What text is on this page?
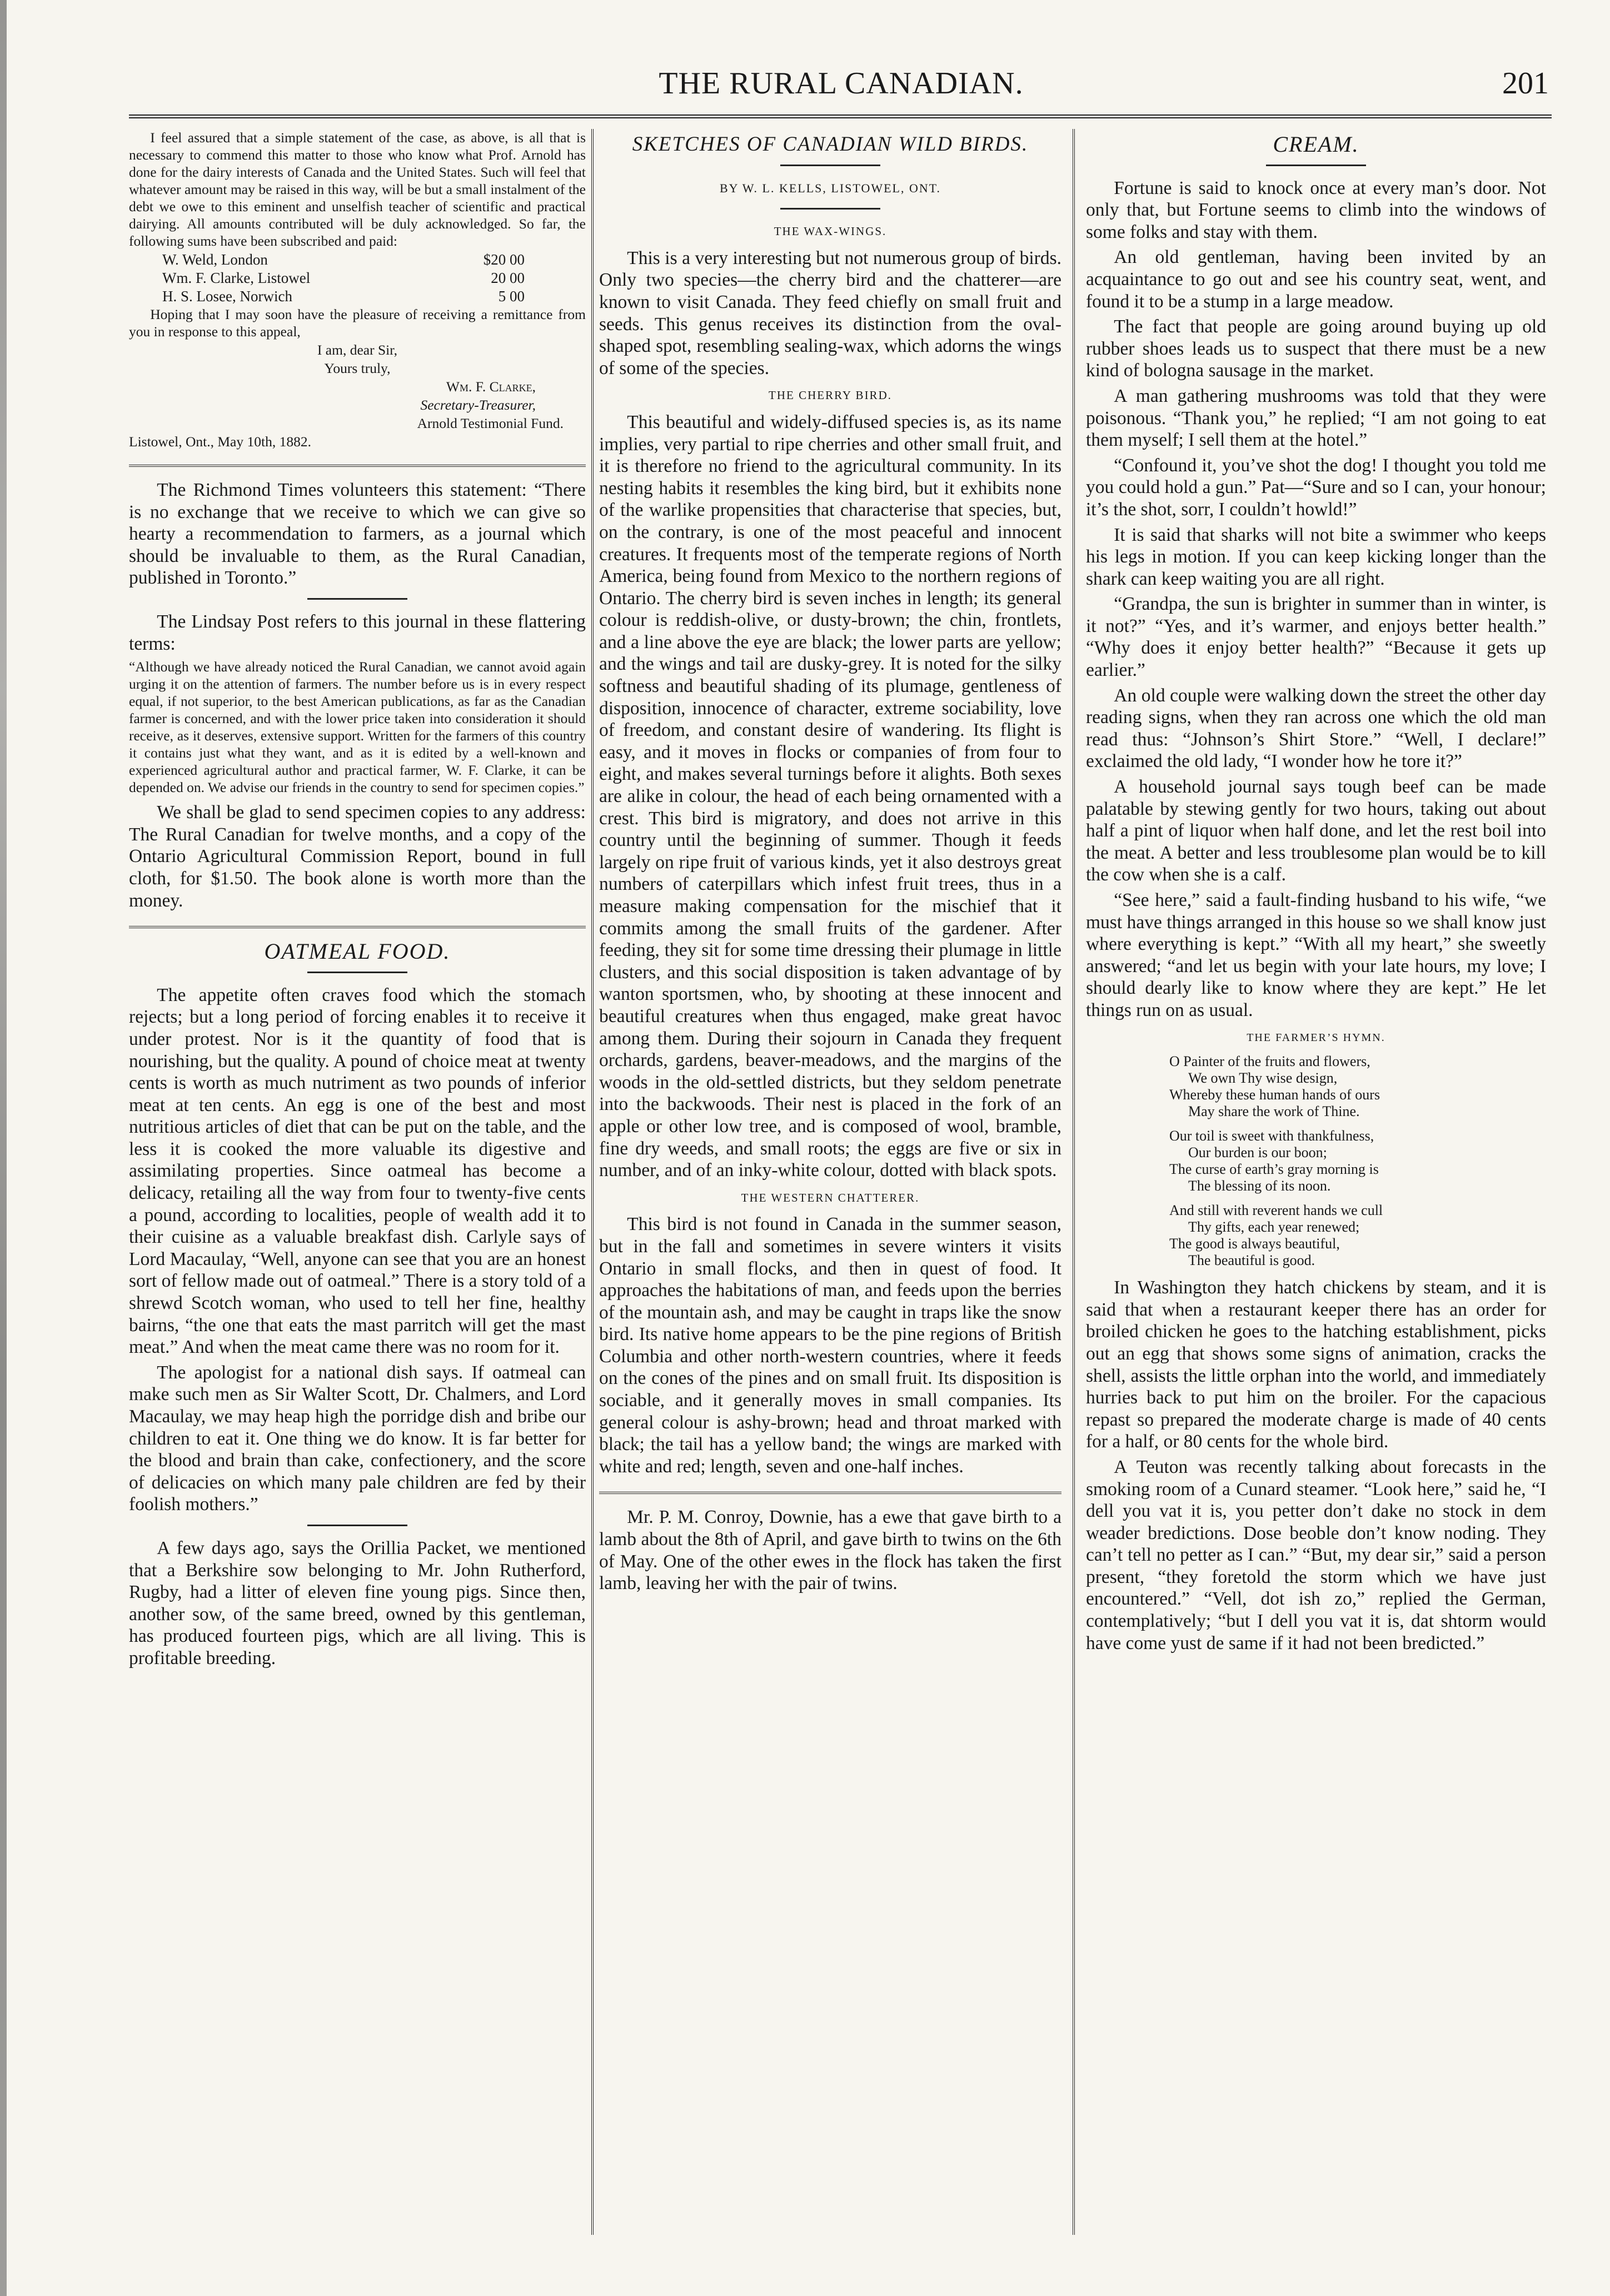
THE RURAL CANADIAN.	201

I feel assured that a simple statement of the case, as above, is all that is necessary to commend this matter to those who know what Prof. Arnold has done for the dairy interests of Canada and the United States. Such will feel that whatever amount may be raised in this way, will be but a small instalment of the debt we owe to this eminent and unselfish teacher of scientific and practical dairying. All amounts contributed will be duly acknowledged. So far, the following sums have been subscribed and paid:

W. Weld, London	$20 00
Wm. F. Clarke, Listowel	20 00
H. S. Losee, Norwich	5 00

Hoping that I may soon have the pleasure of receiving a remittance from you in response to this appeal,

I am, dear Sir,

Yours truly,

Wm. F. Clarke,

Secretary-Treasurer,

Arnold Testimonial Fund.

Listowel, Ont., May 10th, 1882.

The Richmond Times volunteers this statement: “There is no exchange that we receive to which we can give so hearty a recommendation to farmers, as a journal which should be invaluable to them, as the Rural Canadian, published in Toronto.”

The Lindsay Post refers to this journal in these flattering terms:

“Although we have already noticed the Rural Canadian, we cannot avoid again urging it on the attention of farmers. The number before us is in every respect equal, if not superior, to the best American publications, as far as the Canadian farmer is concerned, and with the lower price taken into consideration it should receive, as it deserves, extensive support. Written for the farmers of this country it contains just what they want, and as it is edited by a well-known and experienced agricultural author and practical farmer, W. F. Clarke, it can be depended on. We advise our friends in the country to send for specimen copies.”

We shall be glad to send specimen copies to any address: The Rural Canadian for twelve months, and a copy of the Ontario Agricultural Commission Report, bound in full cloth, for $1.50. The book alone is worth more than the money.

OATMEAL FOOD.

The appetite often craves food which the stomach rejects; but a long period of forcing enables it to receive it under protest. Nor is it the quantity of food that is nourishing, but the quality. A pound of choice meat at twenty cents is worth as much nutriment as two pounds of inferior meat at ten cents. An egg is one of the best and most nutritious articles of diet that can be put on the table, and the less it is cooked the more valuable its digestive and assimilating properties. Since oatmeal has become a delicacy, retailing all the way from four to twenty-five cents a pound, according to localities, people of wealth add it to their cuisine as a valuable breakfast dish. Carlyle says of Lord Macaulay, “Well, anyone can see that you are an honest sort of fellow made out of oatmeal.” There is a story told of a shrewd Scotch woman, who used to tell her fine, healthy bairns, “the one that eats the mast parritch will get the mast meat.” And when the meat came there was no room for it.

The apologist for a national dish says. If oatmeal can make such men as Sir Walter Scott, Dr. Chalmers, and Lord Macaulay, we may heap high the porridge dish and bribe our children to eat it. One thing we do know. It is far better for the blood and brain than cake, confectionery, and the score of delicacies on which many pale children are fed by their foolish mothers.”

A few days ago, says the Orillia Packet, we mentioned that a Berkshire sow belonging to Mr. John Rutherford, Rugby, had a litter of eleven fine young pigs. Since then, another sow, of the same breed, owned by this gentleman, has produced fourteen pigs, which are all living. This is profitable breeding.

SKETCHES OF CANADIAN WILD BIRDS.
BY W. L. KELLS, LISTOWEL, ONT.
THE WAX-WINGS.

This is a very interesting but not numerous group of birds. Only two species—the cherry bird and the chatterer—are known to visit Canada. They feed chiefly on small fruit and seeds. This genus receives its distinction from the oval-shaped spot, resembling sealing-wax, which adorns the wings of some of the species.

THE CHERRY BIRD.

This beautiful and widely-diffused species is, as its name implies, very partial to ripe cherries and other small fruit, and it is therefore no friend to the agricultural community. In its nesting habits it resembles the king bird, but it exhibits none of the warlike propensities that characterise that species, but, on the contrary, is one of the most peaceful and innocent creatures. It frequents most of the temperate regions of North America, being found from Mexico to the northern regions of Ontario. The cherry bird is seven inches in length; its general colour is reddish-olive, or dusty-brown; the chin, frontlets, and a line above the eye are black; the lower parts are yellow; and the wings and tail are dusky-grey. It is noted for the silky softness and beautiful shading of its plumage, gentleness of disposition, innocence of character, extreme sociability, love of freedom, and constant desire of wandering. Its flight is easy, and it moves in flocks or companies of from four to eight, and makes several turnings before it alights. Both sexes are alike in colour, the head of each being ornamented with a crest. This bird is migratory, and does not arrive in this country until the beginning of summer. Though it feeds largely on ripe fruit of various kinds, yet it also destroys great numbers of caterpillars which infest fruit trees, thus in a measure making compensation for the mischief that it commits among the small fruits of the gardener. After feeding, they sit for some time dressing their plumage in little clusters, and this social disposition is taken advantage of by wanton sportsmen, who, by shooting at these innocent and beautiful creatures when thus engaged, make great havoc among them. During their sojourn in Canada they frequent orchards, gardens, beaver-meadows, and the margins of the woods in the old-settled districts, but they seldom penetrate into the backwoods. Their nest is placed in the fork of an apple or other low tree, and is composed of wool, bramble, fine dry weeds, and small roots; the eggs are five or six in number, and of an inky-white colour, dotted with black spots.

THE WESTERN CHATTERER.

This bird is not found in Canada in the summer season, but in the fall and sometimes in severe winters it visits Ontario in small flocks, and then in quest of food. It approaches the habitations of man, and feeds upon the berries of the mountain ash, and may be caught in traps like the snow bird. Its native home appears to be the pine regions of British Columbia and other north-western countries, where it feeds on the cones of the pines and on small fruit. Its disposition is sociable, and it generally moves in small companies. Its general colour is ashy-brown; head and throat marked with black; the tail has a yellow band; the wings are marked with white and red; length, seven and one-half inches.

Mr. P. M. Conroy, Downie, has a ewe that gave birth to a lamb about the 8th of April, and gave birth to twins on the 6th of May. One of the other ewes in the flock has taken the first lamb, leaving her with the pair of twins.

CREAM.

Fortune is said to knock once at every man’s door. Not only that, but Fortune seems to climb into the windows of some folks and stay with them.

An old gentleman, having been invited by an acquaintance to go out and see his country seat, went, and found it to be a stump in a large meadow.

The fact that people are going around buying up old rubber shoes leads us to suspect that there must be a new kind of bologna sausage in the market.

A man gathering mushrooms was told that they were poisonous. “Thank you,” he replied; “I am not going to eat them myself; I sell them at the hotel.”

“Confound it, you’ve shot the dog! I thought you told me you could hold a gun.” Pat—“Sure and so I can, your honour; it’s the shot, sorr, I couldn’t howld!”

It is said that sharks will not bite a swimmer who keeps his legs in motion. If you can keep kicking longer than the shark can keep waiting you are all right.

“Grandpa, the sun is brighter in summer than in winter, is it not?” “Yes, and it’s warmer, and enjoys better health.” “Why does it enjoy better health?” “Because it gets up earlier.”

An old couple were walking down the street the other day reading signs, when they ran across one which the old man read thus: “Johnson’s Shirt Store.” “Well, I declare!” exclaimed the old lady, “I wonder how he tore it?”

A household journal says tough beef can be made palatable by stewing gently for two hours, taking out about half a pint of liquor when half done, and let the rest boil into the meat. A better and less troublesome plan would be to kill the cow when she is a calf.

“See here,” said a fault-finding husband to his wife, “we must have things arranged in this house so we shall know just where everything is kept.” “With all my heart,” she sweetly answered; “and let us begin with your late hours, my love; I should dearly like to know where they are kept.” He let things run on as usual.

THE FARMER’S HYMN.
O Painter of the fruits and flowers,
We own Thy wise design,
Whereby these human hands of ours
May share the work of Thine.
Our toil is sweet with thankfulness,
Our burden is our boon;
The curse of earth’s gray morning is
The blessing of its noon.
And still with reverent hands we cull
Thy gifts, each year renewed;
The good is always beautiful,
The beautiful is good.

In Washington they hatch chickens by steam, and it is said that when a restaurant keeper there has an order for broiled chicken he goes to the hatching establishment, picks out an egg that shows some signs of animation, cracks the shell, assists the little orphan into the world, and immediately hurries back to put him on the broiler. For the capacious repast so prepared the moderate charge is made of 40 cents for a half, or 80 cents for the whole bird.

A Teuton was recently talking about forecasts in the smoking room of a Cunard steamer. “Look here,” said he, “I dell you vat it is, you petter don’t dake no stock in dem weader bredictions. Dose beoble don’t know noding. They can’t tell no petter as I can.” “But, my dear sir,” said a person present, “they foretold the storm which we have just encountered.” “Vell, dot ish zo,” replied the German, contemplatively; “but I dell you vat it is, dat shtorm would have come yust de same if it had not been bredicted.”
